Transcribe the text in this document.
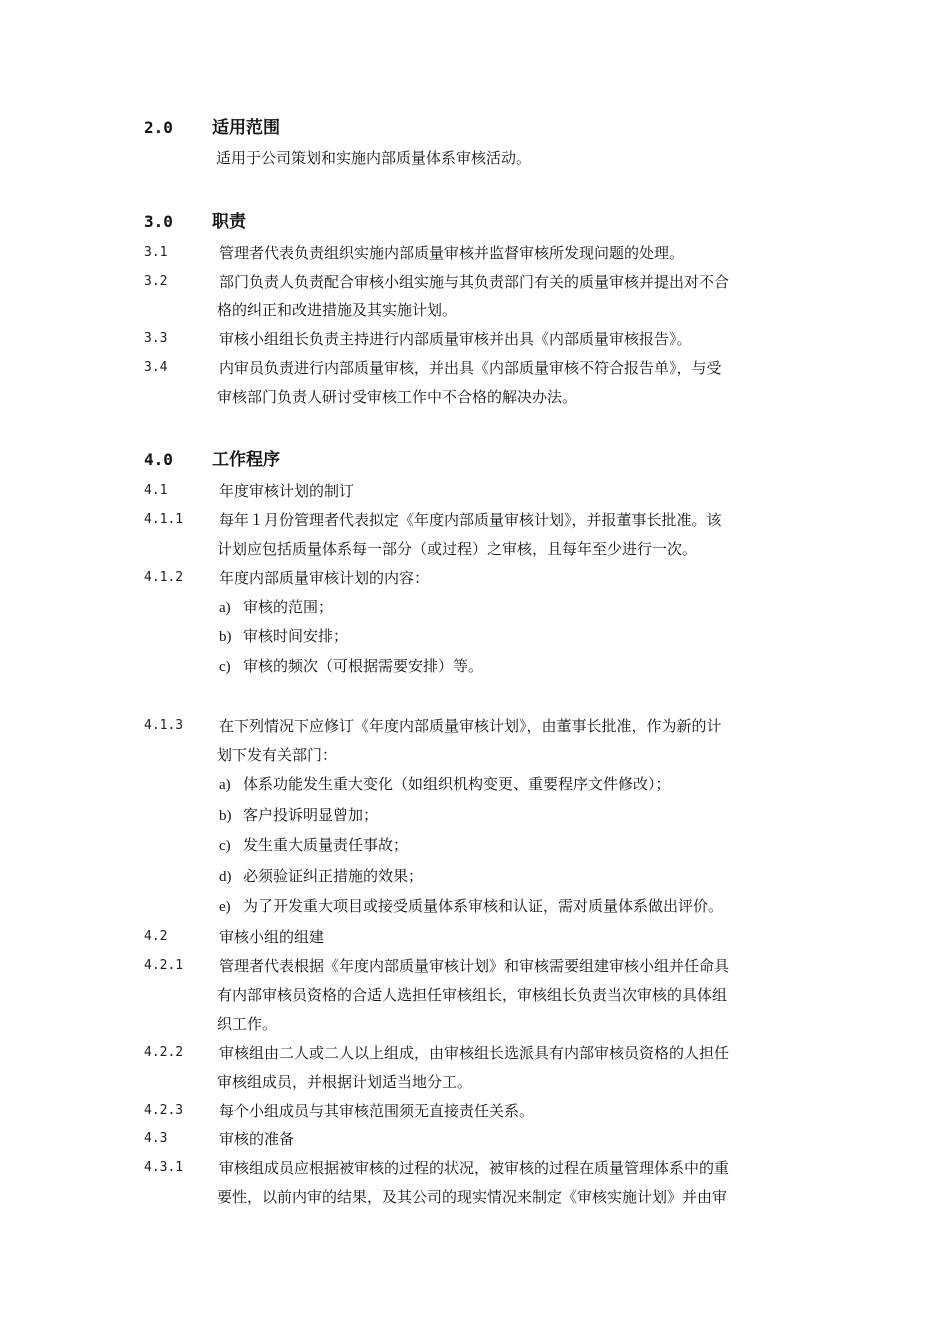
2.0 适用范围
适用于公司策划和实施内部质量体系审核活动。
3.0 职责
3.1	管理者代表负责组织实施内部质量审核并监督审核所发现问题的处理。
3.2	部门负责人负责配合审核小组实施与其负责部门有关的质量审核并提出对不合
格的纠正和改进措施及其实施计划。
3.3	审核小组组长负责主持进行内部质量审核并出具《内部质量审核报告》。
3.4	内审员负责进行内部质量审核，并出具《内部质量审核不符合报告单》，与受
审核部门负责人研讨受审核工作中不合格的解决办法。
4.0 工作程序
4.1	年度审核计划的制订
4.1.1 每年１月份管理者代表拟定《年度内部质量审核计划》，并报董事长批准。该
计划应包括质量体系每一部分（或过程）之审核，且每年至少进行一次。
4.1.2 年度内部质量审核计划的内容：
a) 审核的范围；
b) 审核时间安排；
c) 审核的频次（可根据需要安排）等。
4.1.3 在下列情况下应修订《年度内部质量审核计划》，由董事长批准，作为新的计
划下发有关部门：
a) 体系功能发生重大变化（如组织机构变更、重要程序文件修改）；
b) 客户投诉明显曾加；
c) 发生重大质量责任事故；
d) 必须验证纠正措施的效果；
e) 为了开发重大项目或接受质量体系审核和认证，需对质量体系做出评价。
4.2	审核小组的组建
4.2.1 管理者代表根据《年度内部质量审核计划》和审核需要组建审核小组并任命具
有内部审核员资格的合适人选担任审核组长，审核组长负责当次审核的具体组
织工作。
4.2.2 审核组由二人或二人以上组成，由审核组长选派具有内部审核员资格的人担任
审核组成员，并根据计划适当地分工。
4.2.3 每个小组成员与其审核范围须无直接责任关系。
4.3	审核的准备
4.3.1 审核组成员应根据被审核的过程的状况，被审核的过程在质量管理体系中的重
要性，以前内审的结果，及其公司的现实情况来制定《审核实施计划》并由审
